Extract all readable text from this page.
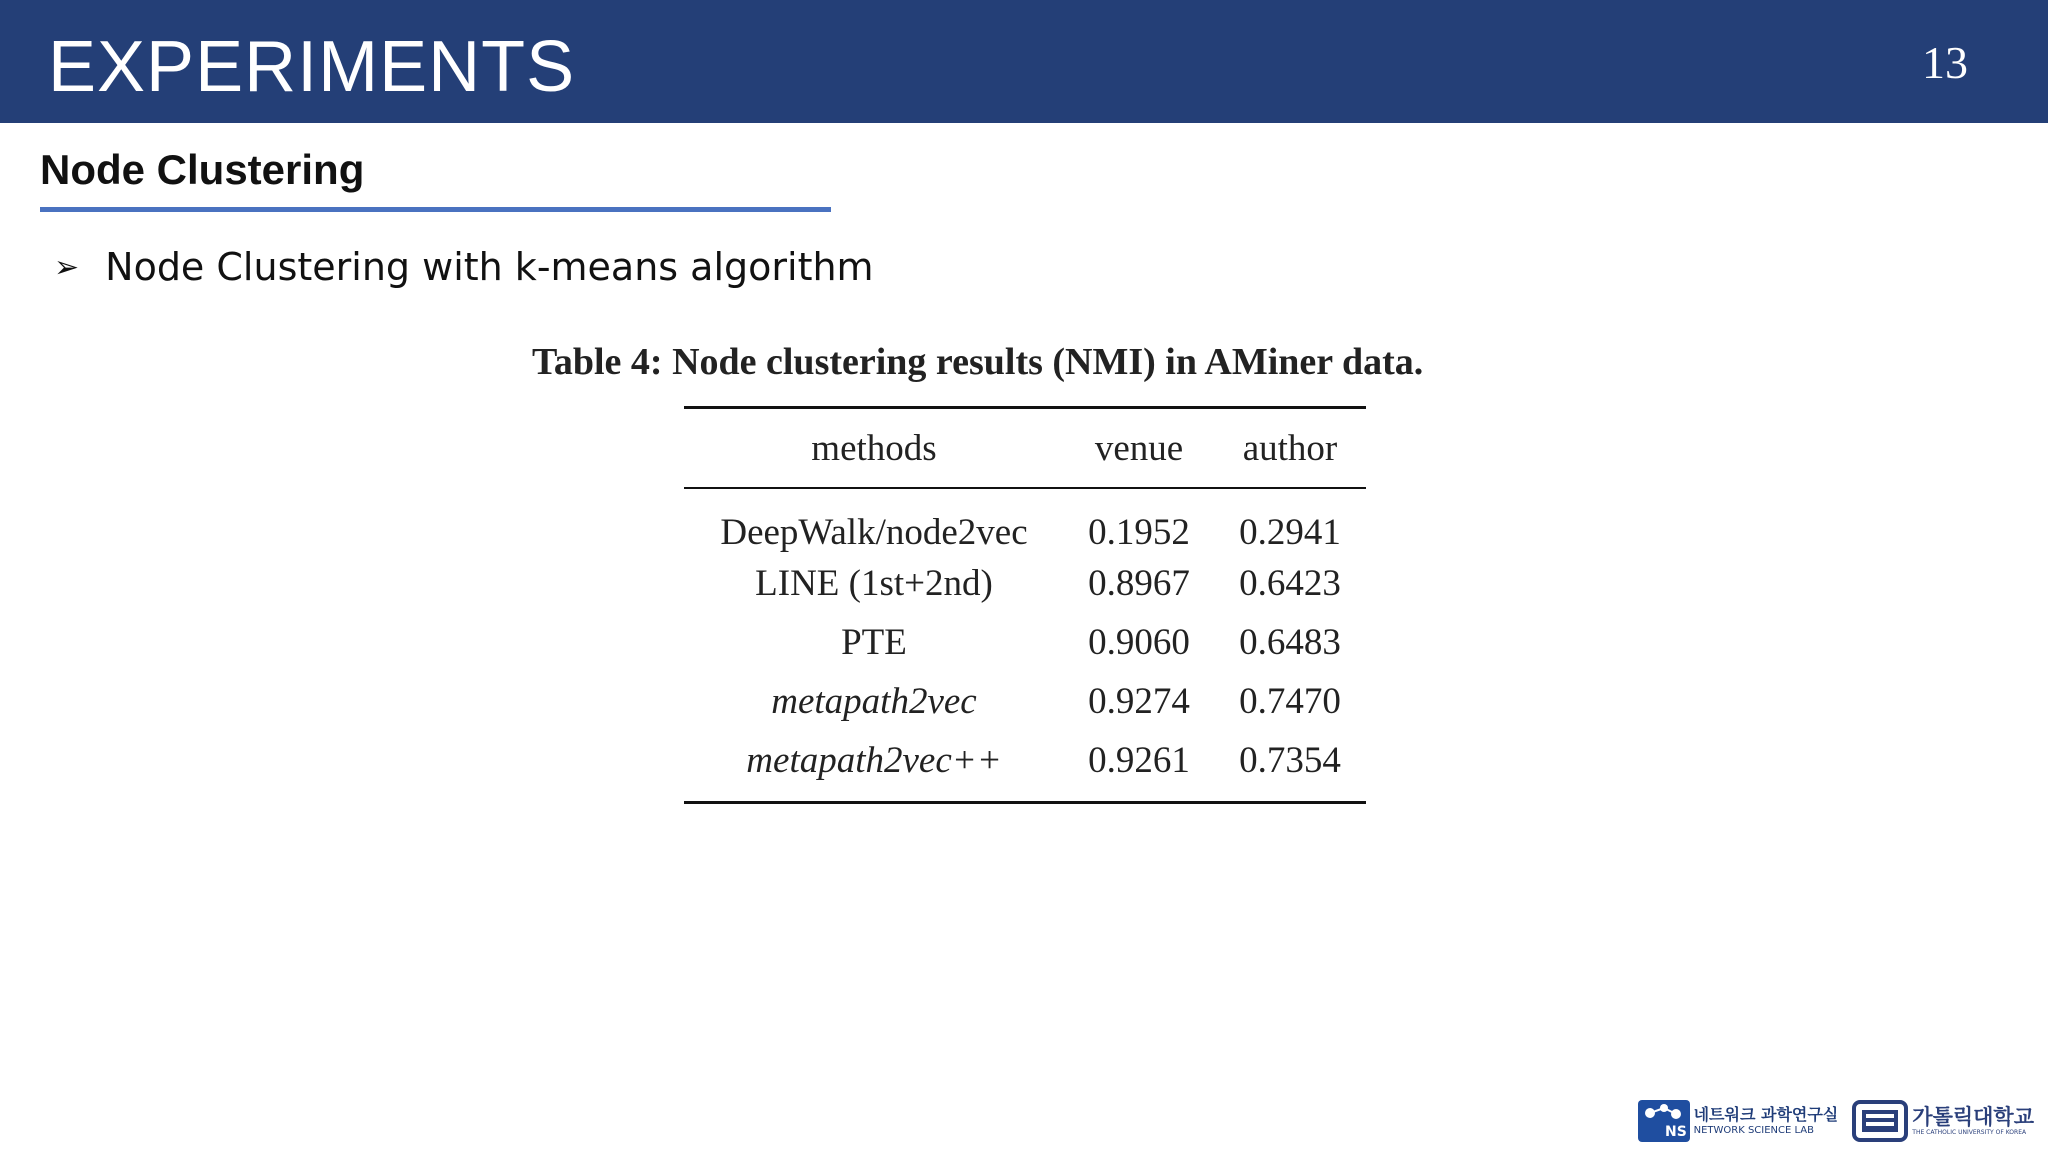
EXPERIMENTS	13
Node Clustering
➢ Node Clustering with k-means algorithm
Table 4: Node clustering results (NMI) in AMiner data.
methods	venue	author
DeepWalk/node2vec	0.1952	0.2941
LINE (1st+2nd)	0.8967	0.6423
PTE	0.9060	0.6483
metapath2vec	0.9274	0.7470
metapath2vec++	0.9261	0.7354
NS
네트워크 과학연구실
NETWORK SCIENCE LAB
가톨릭대학교
THE CATHOLIC UNIVERSITY OF KOREA
